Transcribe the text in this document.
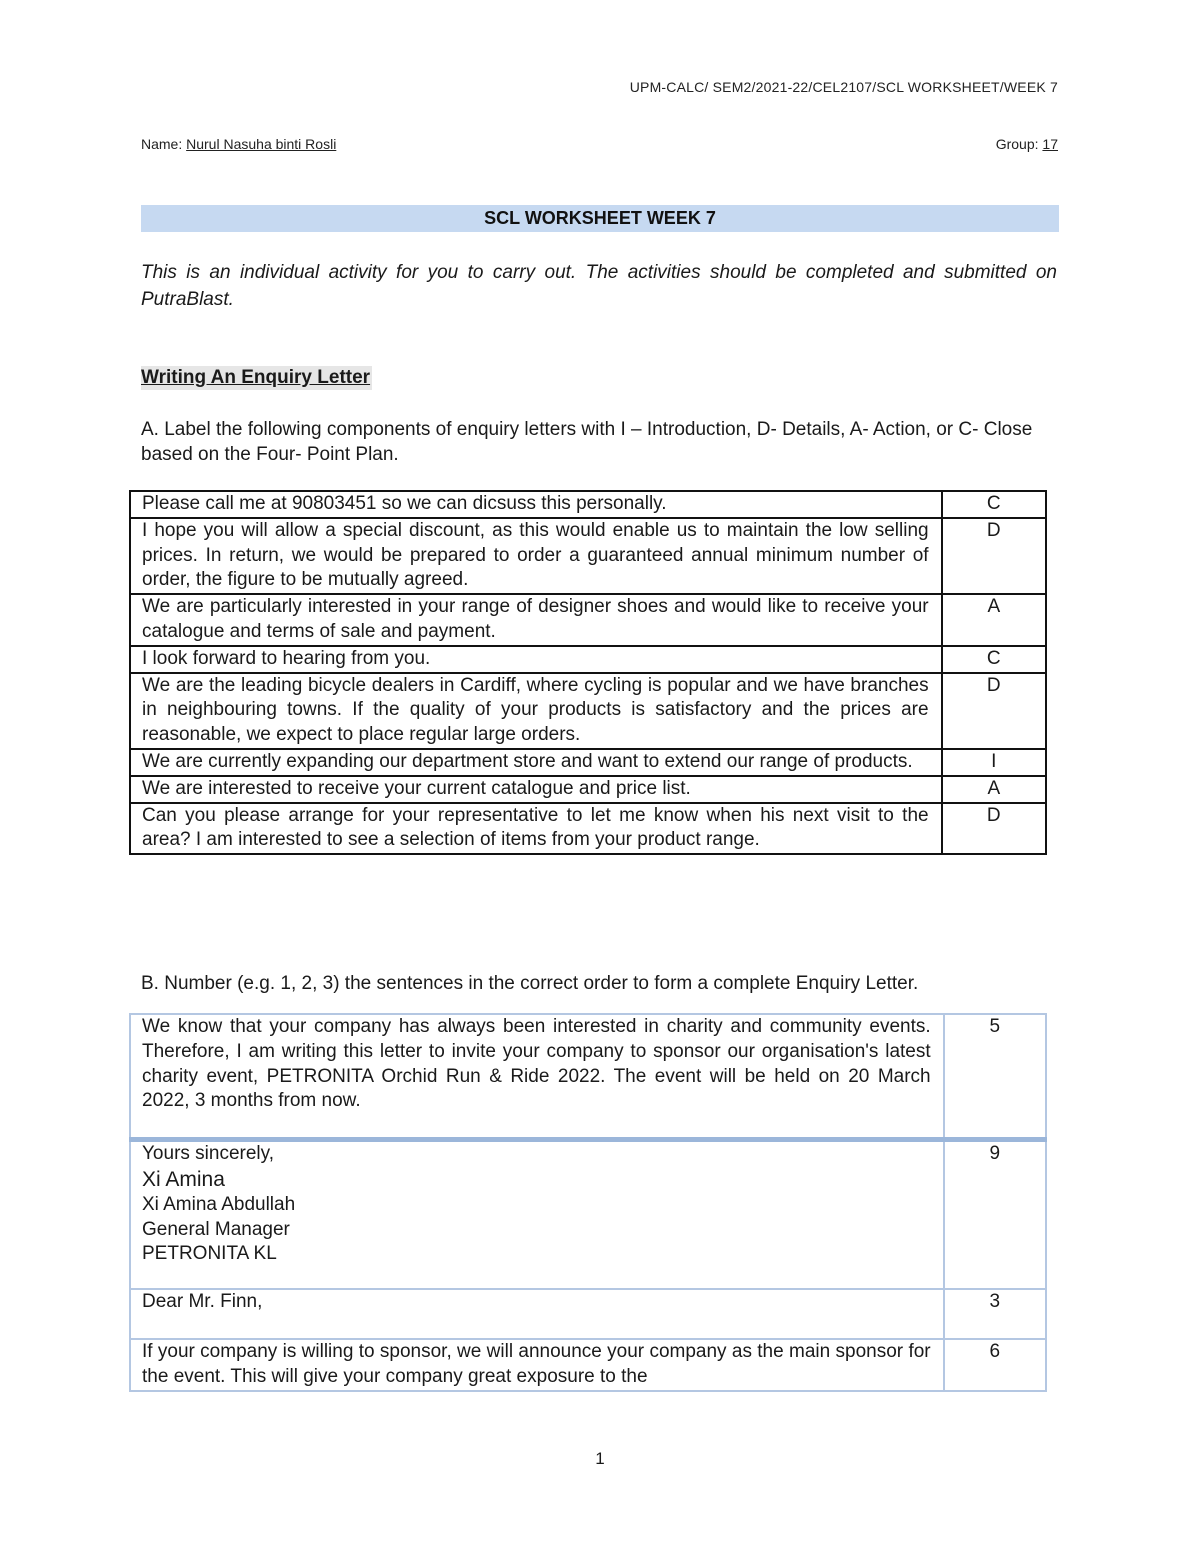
UPM-CALC/ SEM2/2021-22/CEL2107/SCL WORKSHEET/WEEK 7
Name: Nurul Nasuha binti Rosli	Group: 17
SCL WORKSHEET WEEK 7
This is an individual activity for you to carry out. The activities should be completed and submitted on PutraBlast.
Writing An Enquiry Letter
A. Label the following components of enquiry letters with I – Introduction, D- Details, A- Action, or C- Close based on the Four- Point Plan.
Please call me at 90803451 so we can dicsuss this personally.	C
I hope you will allow a special discount, as this would enable us to maintain the low selling prices. In return, we would be prepared to order a guaranteed annual minimum number of order, the figure to be mutually agreed.	D
We are particularly interested in your range of designer shoes and would like to receive your catalogue and terms of sale and payment.	A
I look forward to hearing from you.	C
We are the leading bicycle dealers in Cardiff, where cycling is popular and we have branches in neighbouring towns. If the quality of your products is satisfactory and the prices are reasonable, we expect to place regular large orders.	D
We are currently expanding our department store and want to extend our range of products.	I
We are interested to receive your current catalogue and price list.	A
Can you please arrange for your representative to let me know when his next visit to the area? I am interested to see a selection of items from your product range.	D
B. Number (e.g. 1, 2, 3) the sentences in the correct order to form a complete Enquiry Letter.
We know that your company has always been interested in charity and community events. Therefore, I am writing this letter to invite your company to sponsor our organisation's latest charity event, PETRONITA Orchid Run & Ride 2022. The event will be held on 20 March 2022, 3 months from now.	5

Yours sincerely,
Xi Amina
Xi Amina Abdullah
General Manager
PETRONITA KL	9
Dear Mr. Finn,	3
If your company is willing to sponsor, we will announce your company as the main sponsor for the event. This will give your company great exposure to the	6
1
